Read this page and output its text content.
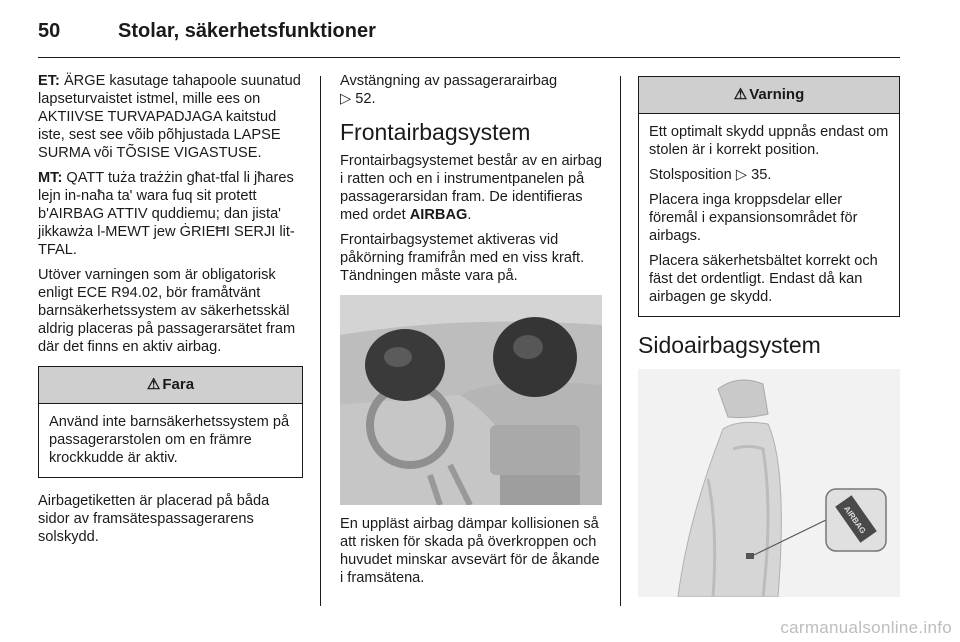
50	Stolar, säkerhetsfunktioner

ET: ÄRGE kasutage tahapoole suunatud lapseturvaistet istmel, mille ees on AKTIIVSE TURVAPADJAGA kaitstud iste, sest see võib põhjustada LAPSE SURMA või TÕSISE VIGASTUSE.

MT: QATT tuża trażżin għat-tfal li jħares lejn in-naħa ta' wara fuq sit protett b'AIRBAG ATTIV quddiemu; dan jista' jikkawża l-MEWT jew ĠRIEĦI SERJI lit-TFAL.

Utöver varningen som är obligatorisk enligt ECE R94.02, bör framåtvänt barnsäkerhetssystem av säkerhetsskäl aldrig placeras på passagerarsätet fram där det finns en aktiv airbag.

⚠ Fara

Använd inte barnsäkerhetssystem på passagerarstolen om en främre krockkudde är aktiv.

Airbagetiketten är placerad på båda sidor av framsätespassagerarens solskydd.

Avstängning av passagerarairbag
▷ 52.

Frontairbagsystem

Frontairbagsystemet består av en airbag i ratten och en i instrumentpanelen på passagerarsidan fram. De identifieras med ordet AIRBAG.

Frontairbagsystemet aktiveras vid påkörning framifrån med en viss kraft. Tändningen måste vara på.

En uppläst airbag dämpar kollisionen så att risken för skada på överkroppen och huvudet minskar avsevärt för de åkande i framsätena.

⚠ Varning

Ett optimalt skydd uppnås endast om stolen är i korrekt position.

Stolsposition ▷ 35.

Placera inga kroppsdelar eller föremål i expansionsområdet för airbags.

Placera säkerhetsbältet korrekt och fäst det ordentligt. Endast då kan airbagen ge skydd.

Sidoairbagsystem
AIRBAG
carmanualsonline.info
